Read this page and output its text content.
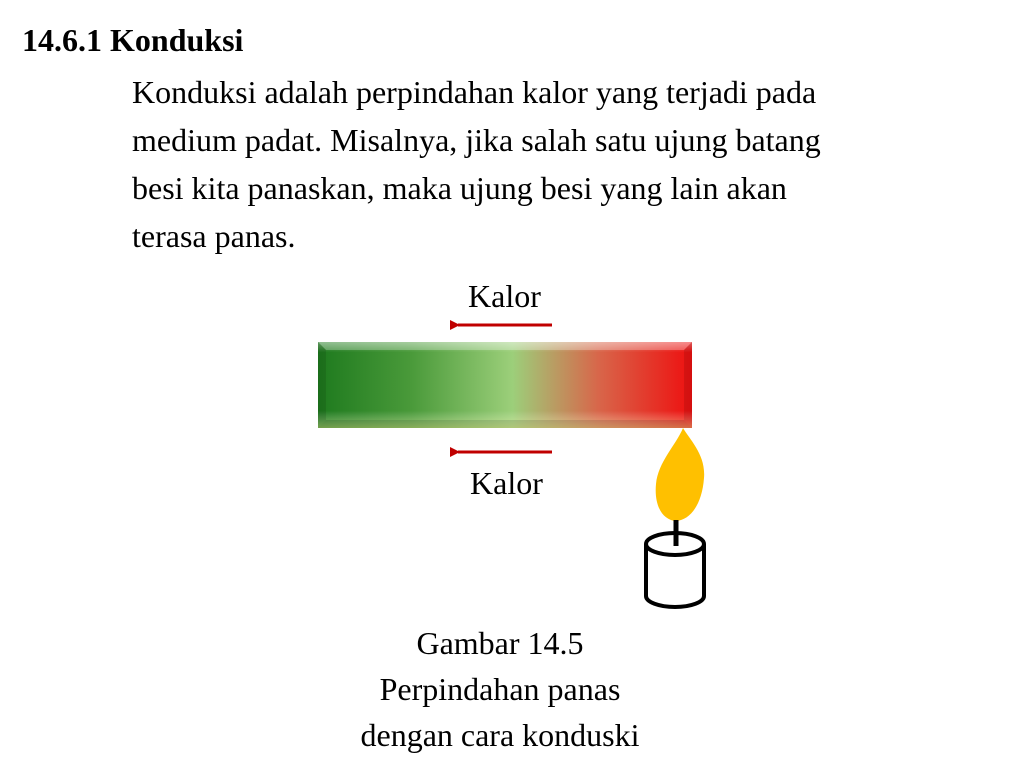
14.6.1 Konduksi
Konduksi adalah perpindahan kalor yang terjadi pada
medium padat. Misalnya, jika salah satu ujung batang
besi kita panaskan, maka ujung besi yang lain akan
terasa panas.
Kalor
Kalor
Gambar 14.5
Perpindahan panas
dengan cara konduski
